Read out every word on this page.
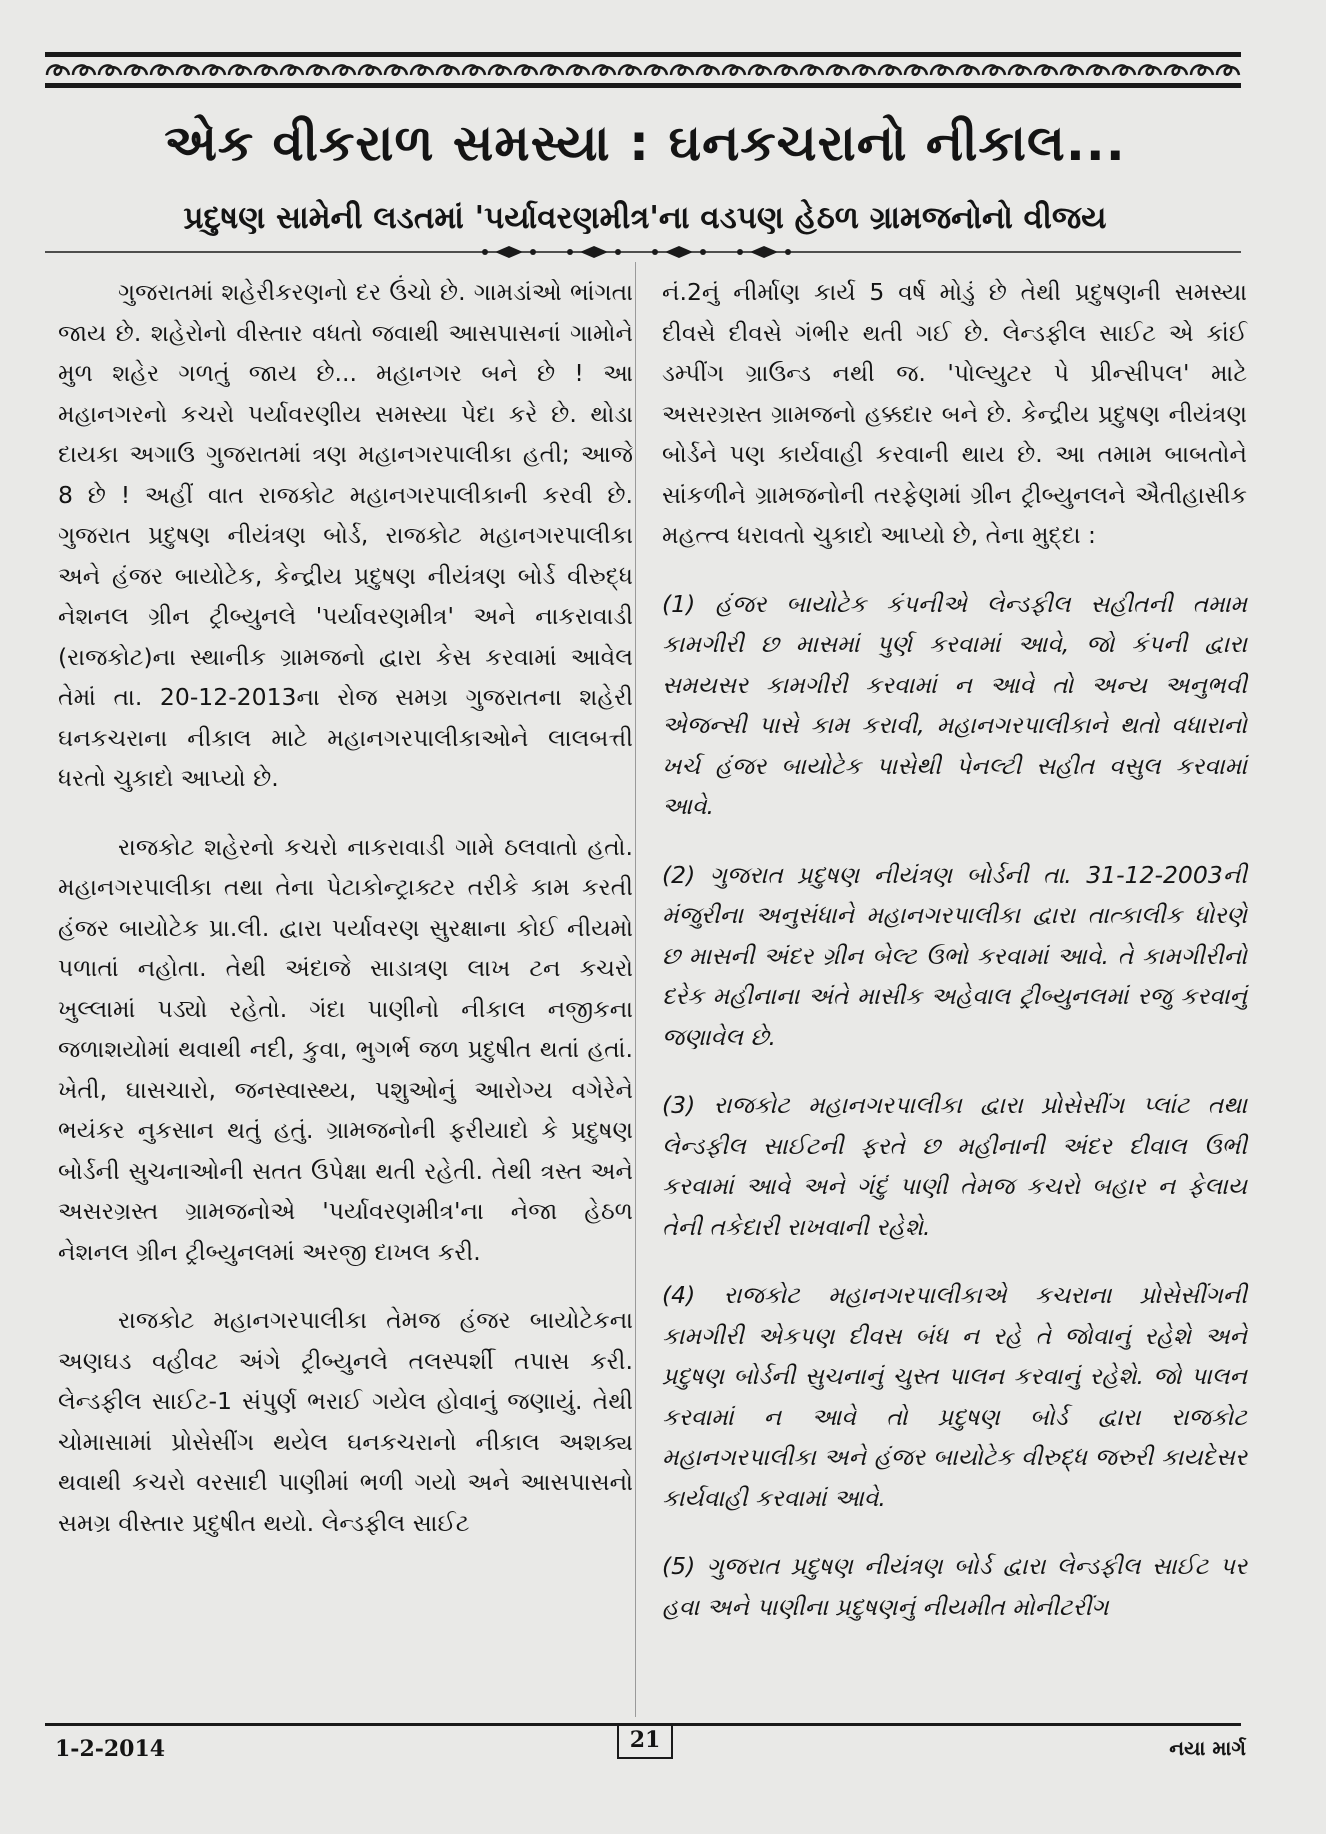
એક વીકરાળ સમસ્યા : ઘનકચરાનો નીકાલ...
પ્રદુષણ સામેની લડતમાં 'પર્યાવરણમીત્ર'ના વડપણ હેઠળ ગ્રામજનોનો વીજય

ગુજરાતમાં શહેરીકરણનો દર ઉંચો છે. ગામડાંઓ ભાંગતા જાય છે. શહેરોનો વીસ્તાર વધતો જવાથી આસપાસનાં ગામોને મુળ શહેર ગળતું જાય છે... મહાનગર બને છે ! આ મહાનગરનો કચરો પર્યાવરણીય સમસ્યા પેદા કરે છે. થોડા દાયકા અગાઉ ગુજરાતમાં ત્રણ મહાનગરપાલીકા હતી; આજે 8 છે ! અહીં વાત રાજકોટ મહાનગરપાલીકાની કરવી છે. ગુજરાત પ્રદુષણ નીયંત્રણ બોર્ડ, રાજકોટ મહાનગરપાલીકા અને હંજર બાયોટેક, કેન્દ્રીય પ્રદુષણ નીયંત્રણ બોર્ડ વીરુદ્ધ નેશનલ ગ્રીન ટ્રીબ્યુનલે 'પર્યાવરણમીત્ર' અને નાકરાવાડી (રાજકોટ)ના સ્થાનીક ગ્રામજનો દ્વારા કેસ કરવામાં આવેલ તેમાં તા. 20-12-2013ના રોજ સમગ્ર ગુજરાતના શહેરી ઘનકચરાના નીકાલ માટે મહાનગરપાલીકાઓને લાલબત્તી ધરતો ચુકાદો આપ્યો છે.

રાજકોટ શહેરનો કચરો નાકરાવાડી ગામે ઠલવાતો હતો. મહાનગરપાલીકા તથા તેના પેટાકોન્ટ્રાક્ટર તરીકે કામ કરતી હંજર બાયોટેક પ્રા.લી. દ્વારા પર્યાવરણ સુરક્ષાના કોઈ નીયમો પળાતાં નહોતા. તેથી અંદાજે સાડાત્રણ લાખ ટન કચરો ખુલ્લામાં પડ્યો રહેતો. ગંદા પાણીનો નીકાલ નજીકના જળાશયોમાં થવાથી નદી, કુવા, ભુગર્ભ જળ પ્રદુષીત થતાં હતાં. ખેતી, ઘાસચારો, જનસ્વાસ્થ્ય, પશુઓનું આરોગ્ય વગેરેને ભયંકર નુકસાન થતું હતું. ગ્રામજનોની ફરીયાદો કે પ્રદુષણ બોર્ડની સુચનાઓની સતત ઉપેક્ષા થતી રહેતી. તેથી ત્રસ્ત અને અસરગ્રસ્ત ગ્રામજનોએ 'પર્યાવરણમીત્ર'ના નેજા હેઠળ નેશનલ ગ્રીન ટ્રીબ્યુનલમાં અરજી દાખલ કરી.

રાજકોટ મહાનગરપાલીકા તેમજ હંજર બાયોટેકના અણઘડ વહીવટ અંગે ટ્રીબ્યુનલે તલસ્પર્શી તપાસ કરી. લેન્ડફીલ સાઈટ-1 સંપુર્ણ ભરાઈ ગયેલ હોવાનું જણાયું. તેથી ચોમાસામાં પ્રોસેસીંગ થયેલ ઘનકચરાનો નીકાલ અશક્ય થવાથી કચરો વરસાદી પાણીમાં ભળી ગયો અને આસપાસનો સમગ્ર વીસ્તાર પ્રદુષીત થયો. લેન્ડફીલ સાઈટ

નં.2નું નીર્માણ કાર્ય 5 વર્ષ મોડું છે તેથી પ્રદુષણની સમસ્યા દીવસે દીવસે ગંભીર થતી ગઈ છે. લેન્ડફીલ સાઈટ એ કાંઈ ડમ્પીંગ ગ્રાઉન્ડ નથી જ. 'પોલ્યુટર પે પ્રીન્સીપલ' માટે અસરગ્રસ્ત ગ્રામજનો હક્કદાર બને છે. કેન્દ્રીય પ્રદુષણ નીયંત્રણ બોર્ડને પણ કાર્યવાહી કરવાની થાય છે. આ તમામ બાબતોને સાંકળીને ગ્રામજનોની તરફેણમાં ગ્રીન ટ્રીબ્યુનલને ઐતીહાસીક મહત્ત્વ ધરાવતો ચુકાદો આપ્યો છે, તેના મુદ્દા :

(1) હંજર બાયોટેક કંપનીએ લેન્ડફીલ સહીતની તમામ કામગીરી છ માસમાં પુર્ણ કરવામાં આવે, જો કંપની દ્વારા સમયસર કામગીરી કરવામાં ન આવે તો અન્ય અનુભવી એજન્સી પાસે કામ કરાવી, મહાનગરપાલીકાને થતો વધારાનો ખર્ચ હંજર બાયોટેક પાસેથી પેનલ્ટી સહીત વસુલ કરવામાં આવે.

(2) ગુજરાત પ્રદુષણ નીયંત્રણ બોર્ડની તા. 31-12-2003ની મંજુરીના અનુસંધાને મહાનગરપાલીકા દ્વારા તાત્કાલીક ધોરણે છ માસની અંદર ગ્રીન બેલ્ટ ઉભો કરવામાં આવે. તે કામગીરીનો દરેક મહીનાના અંતે માસીક અહેવાલ ટ્રીબ્યુનલમાં રજુ કરવાનું જણાવેલ છે.

(3) રાજકોટ મહાનગરપાલીકા દ્વારા પ્રોસેસીંગ પ્લાંટ તથા લેન્ડફીલ સાઈટની ફરતે છ મહીનાની અંદર દીવાલ ઉભી કરવામાં આવે અને ગંદું પાણી તેમજ કચરો બહાર ન ફેલાય તેની તકેદારી રાખવાની રહેશે.

(4) રાજકોટ મહાનગરપાલીકાએ કચરાના પ્રોસેસીંગની કામગીરી એકપણ દીવસ બંધ ન રહે તે જોવાનું રહેશે અને પ્રદુષણ બોર્ડની સુચનાનું ચુસ્ત પાલન કરવાનું રહેશે. જો પાલન કરવામાં ન આવે તો પ્રદુષણ બોર્ડ દ્વારા રાજકોટ મહાનગરપાલીકા અને હંજર બાયોટેક વીરુદ્ધ જરુરી કાયદેસર કાર્યવાહી કરવામાં આવે.

(5) ગુજરાત પ્રદુષણ નીયંત્રણ બોર્ડ દ્વારા લેન્ડફીલ સાઈટ પર હવા અને પાણીના પ્રદુષણનું નીયમીત મોનીટરીંગ

1-2-2014	21	નયા માર્ગ
